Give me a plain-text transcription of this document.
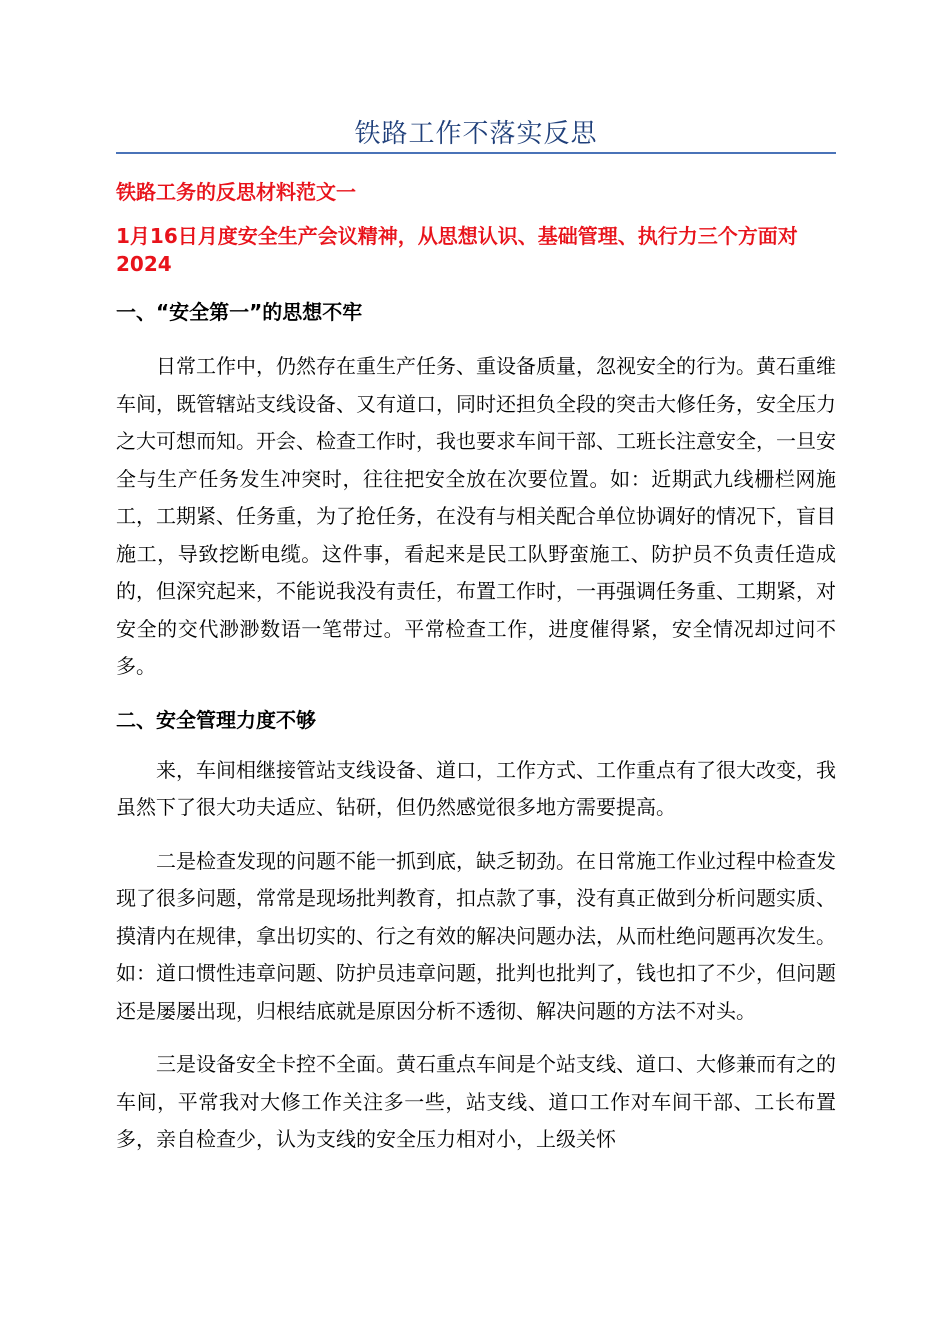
铁路工作不落实反思
铁路工务的反思材料范文一
1月16日月度安全生产会议精神，从思想认识、基础管理、执行力三个方面对2024
一、“安全第一”的思想不牢
日常工作中，仍然存在重生产任务、重设备质量，忽视安全的行为。黄石重维车间，既管辖站支线设备、又有道口，同时还担负全段的突击大修任务，安全压力之大可想而知。开会、检查工作时，我也要求车间干部、工班长注意安全，一旦安全与生产任务发生冲突时，往往把安全放在次要位置。如：近期武九线栅栏网施工，工期紧、任务重，为了抢任务，在没有与相关配合单位协调好的情况下，盲目施工，导致挖断电缆。这件事，看起来是民工队野蛮施工、防护员不负责任造成的，但深究起来，不能说我没有责任，布置工作时，一再强调任务重、工期紧，对安全的交代渺渺数语一笔带过。平常检查工作，进度催得紧，安全情况却过问不多。
二、安全管理力度不够
来，车间相继接管站支线设备、道口，工作方式、工作重点有了很大改变，我虽然下了很大功夫适应、钻研，但仍然感觉很多地方需要提高。
二是检查发现的问题不能一抓到底，缺乏韧劲。在日常施工作业过程中检查发现了很多问题，常常是现场批判教育，扣点款了事，没有真正做到分析问题实质、摸清内在规律，拿出切实的、行之有效的解决问题办法，从而杜绝问题再次发生。如：道口惯性违章问题、防护员违章问题，批判也批判了，钱也扣了不少，但问题还是屡屡出现，归根结底就是原因分析不透彻、解决问题的方法不对头。
三是设备安全卡控不全面。黄石重点车间是个站支线、道口、大修兼而有之的车间，平常我对大修工作关注多一些，站支线、道口工作对车间干部、工长布置多，亲自检查少，认为支线的安全压力相对小，上级关怀
